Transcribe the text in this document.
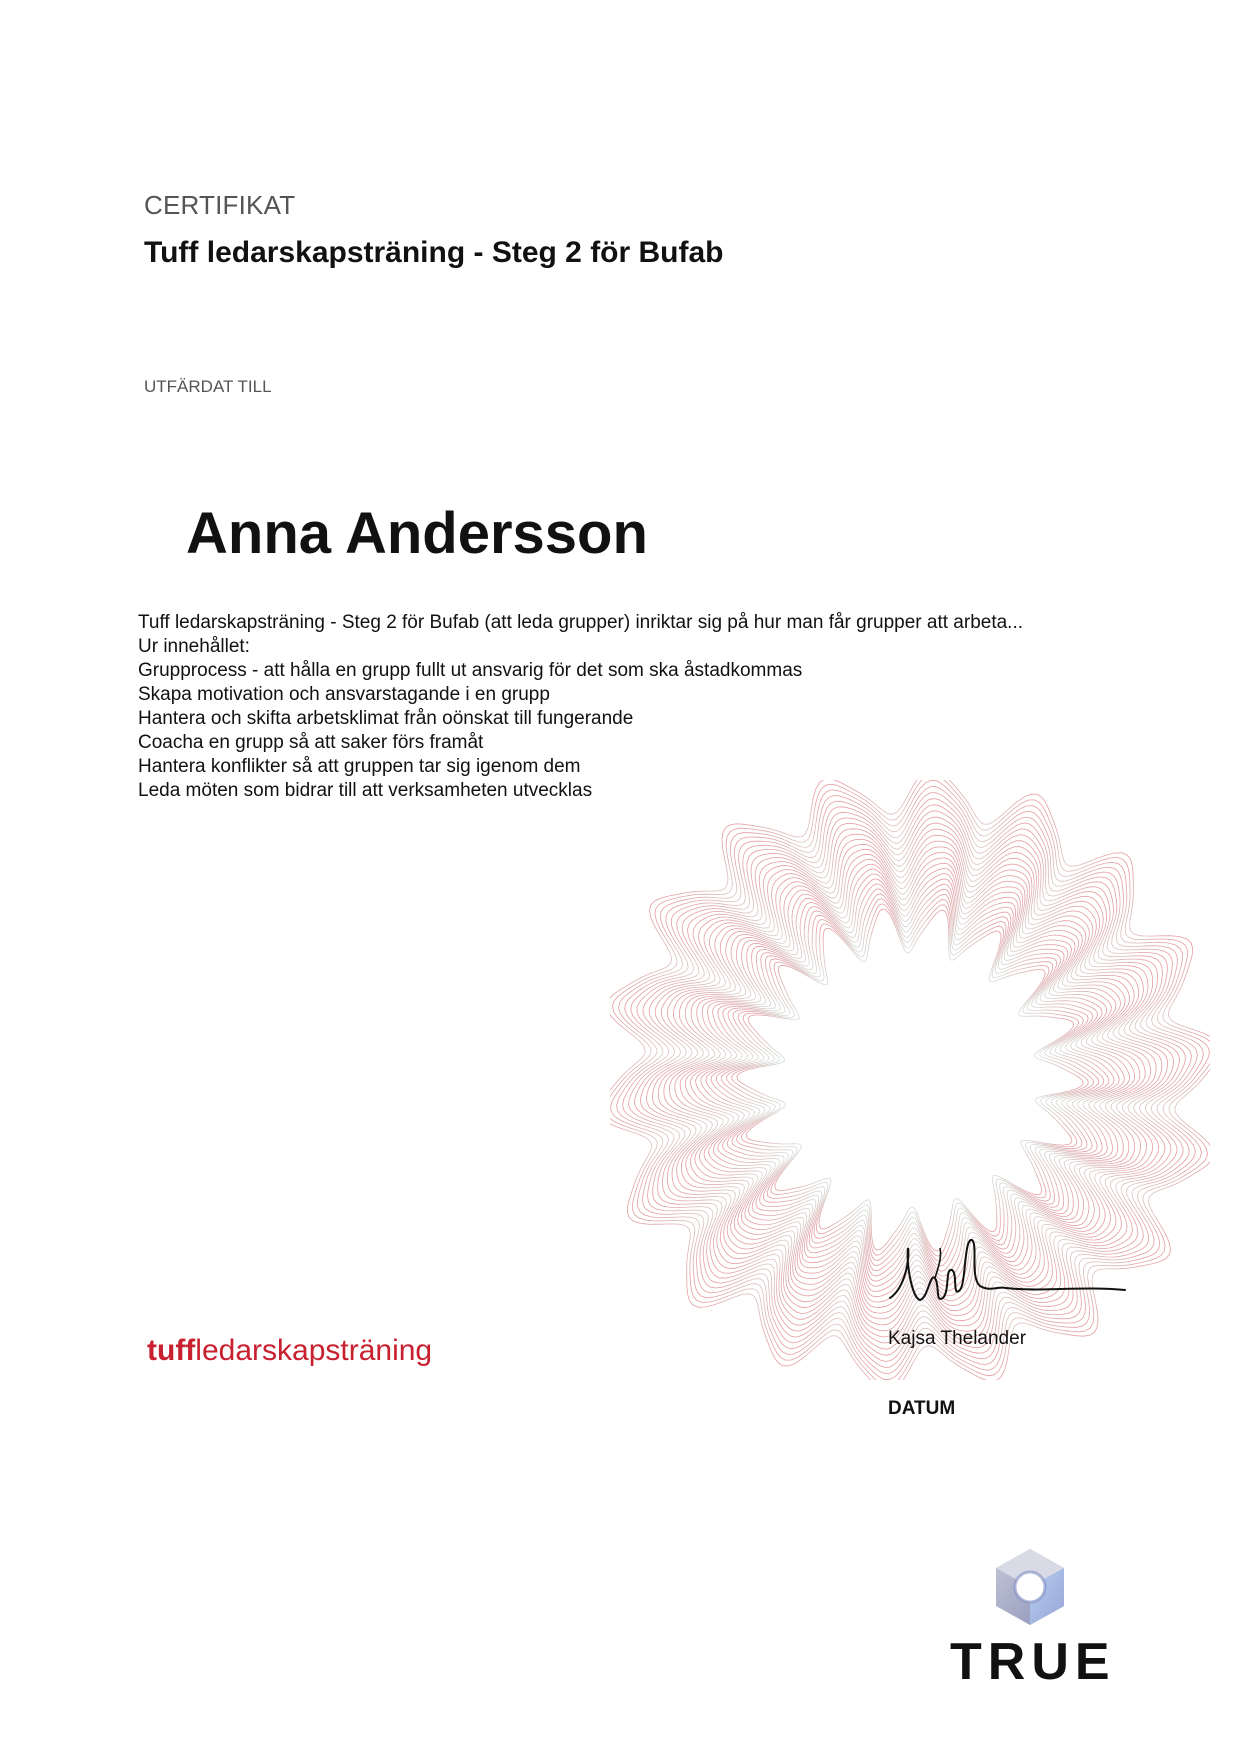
CERTIFIKAT
Tuff ledarskapsträning - Steg 2 för Bufab
UTFÄRDAT TILL
Anna Andersson
Tuff ledarskapsträning - Steg 2 för Bufab (att leda grupper) inriktar sig på hur man får grupper att arbeta...
Ur innehållet:
Grupprocess - att hålla en grupp fullt ut ansvarig för det som ska åstadkommas
Skapa motivation och ansvarstagande i en grupp
Hantera och skifta arbetsklimat från oönskat till fungerande
Coacha en grupp så att saker förs framåt
Hantera konflikter så att gruppen tar sig igenom dem
Leda möten som bidrar till att verksamheten utvecklas
Kajsa Thelander
DATUM
tuffledarskapsträning
TRUE
